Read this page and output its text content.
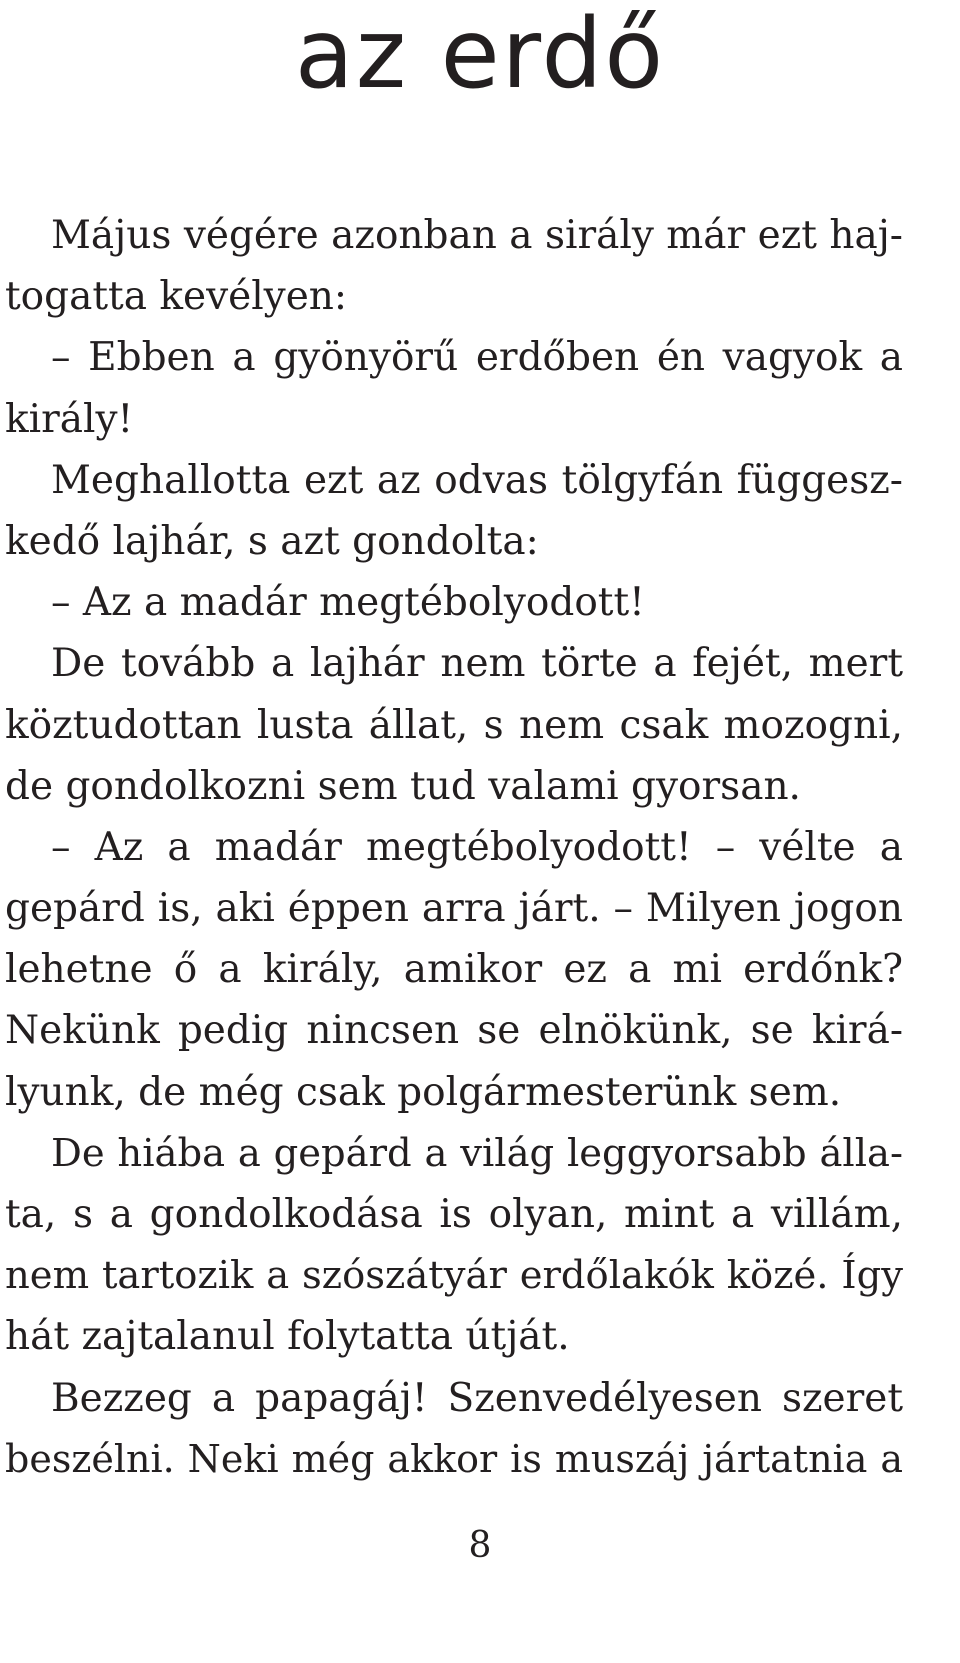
az erdő
Május végére azonban a sirály már ezt haj-
togatta kevélyen:
– Ebben a gyönyörű erdőben én vagyok a
király!
Meghallotta ezt az odvas tölgyfán függesz-
kedő lajhár, s azt gondolta:
– Az a madár megtébolyodott!
De tovább a lajhár nem törte a fejét, mert
köztudottan lusta állat, s nem csak mozogni,
de gondolkozni sem tud valami gyorsan.
– Az a madár megtébolyodott! – vélte a
gepárd is, aki éppen arra járt. – Milyen jogon
lehetne ő a király, amikor ez a mi erdőnk?
Nekünk pedig nincsen se elnökünk, se kirá-
lyunk, de még csak polgármesterünk sem.
De hiába a gepárd a világ leggyorsabb álla-
ta, s a gondolkodása is olyan, mint a villám,
nem tartozik a szószátyár erdőlakók közé. Így
hát zajtalanul folytatta útját.
Bezzeg a papagáj! Szenvedélyesen szeret
beszélni. Neki még akkor is muszáj jártatnia a
8
